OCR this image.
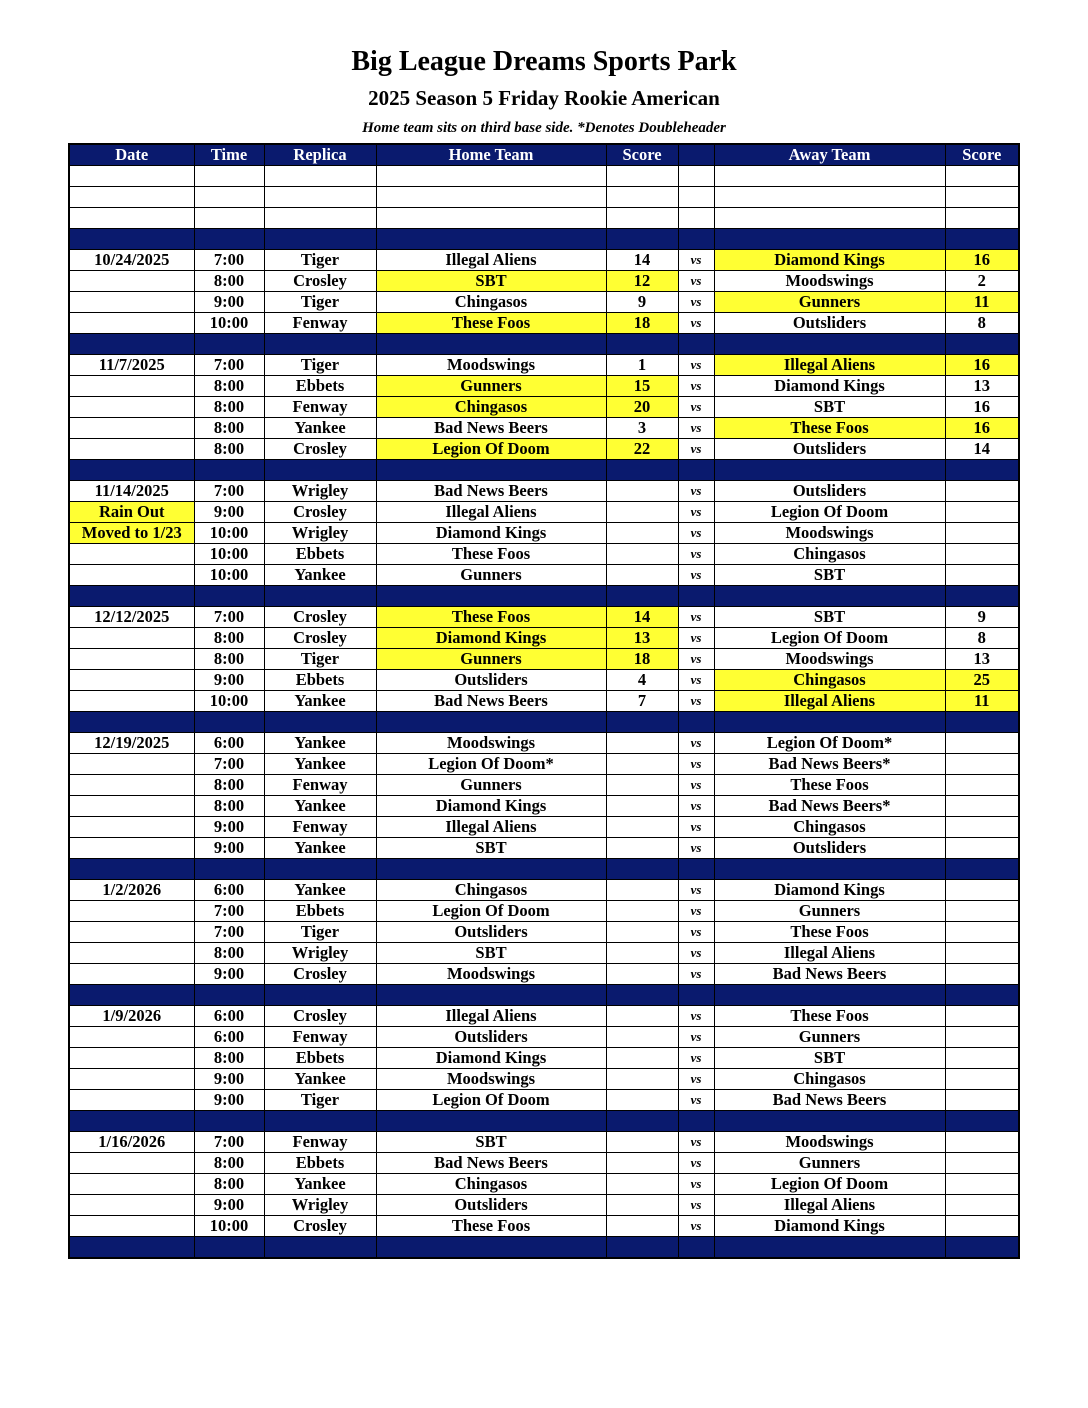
Big League Dreams Sports Park
2025 Season 5 Friday Rookie American
Home team sits on third base side. *Denotes Doubleheader
Date	Time	Replica	Home Team	Score		Away Team	Score

10/24/2025	7:00	Tiger	Illegal Aliens	14	vs	Diamond Kings	16
	8:00	Crosley	SBT	12	vs	Moodswings	2
	9:00	Tiger	Chingasos	9	vs	Gunners	11
	10:00	Fenway	These Foos	18	vs	Outsliders	8

11/7/2025	7:00	Tiger	Moodswings	1	vs	Illegal Aliens	16
	8:00	Ebbets	Gunners	15	vs	Diamond Kings	13
	8:00	Fenway	Chingasos	20	vs	SBT	16
	8:00	Yankee	Bad News Beers	3	vs	These Foos	16
	8:00	Crosley	Legion Of Doom	22	vs	Outsliders	14

11/14/2025	7:00	Wrigley	Bad News Beers		vs	Outsliders	
Rain Out	9:00	Crosley	Illegal Aliens		vs	Legion Of Doom	
Moved to 1/23	10:00	Wrigley	Diamond Kings		vs	Moodswings	
	10:00	Ebbets	These Foos		vs	Chingasos	
	10:00	Yankee	Gunners		vs	SBT	

12/12/2025	7:00	Crosley	These Foos	14	vs	SBT	9
	8:00	Crosley	Diamond Kings	13	vs	Legion Of Doom	8
	8:00	Tiger	Gunners	18	vs	Moodswings	13
	9:00	Ebbets	Outsliders	4	vs	Chingasos	25
	10:00	Yankee	Bad News Beers	7	vs	Illegal Aliens	11

12/19/2025	6:00	Yankee	Moodswings		vs	Legion Of Doom*	
	7:00	Yankee	Legion Of Doom*		vs	Bad News Beers*	
	8:00	Fenway	Gunners		vs	These Foos	
	8:00	Yankee	Diamond Kings		vs	Bad News Beers*	
	9:00	Fenway	Illegal Aliens		vs	Chingasos	
	9:00	Yankee	SBT		vs	Outsliders	

1/2/2026	6:00	Yankee	Chingasos		vs	Diamond Kings	
	7:00	Ebbets	Legion Of Doom		vs	Gunners	
	7:00	Tiger	Outsliders		vs	These Foos	
	8:00	Wrigley	SBT		vs	Illegal Aliens	
	9:00	Crosley	Moodswings		vs	Bad News Beers	

1/9/2026	6:00	Crosley	Illegal Aliens		vs	These Foos	
	6:00	Fenway	Outsliders		vs	Gunners	
	8:00	Ebbets	Diamond Kings		vs	SBT	
	9:00	Yankee	Moodswings		vs	Chingasos	
	9:00	Tiger	Legion Of Doom		vs	Bad News Beers	

1/16/2026	7:00	Fenway	SBT		vs	Moodswings	
	8:00	Ebbets	Bad News Beers		vs	Gunners	
	8:00	Yankee	Chingasos		vs	Legion Of Doom	
	9:00	Wrigley	Outsliders		vs	Illegal Aliens	
	10:00	Crosley	These Foos		vs	Diamond Kings	
